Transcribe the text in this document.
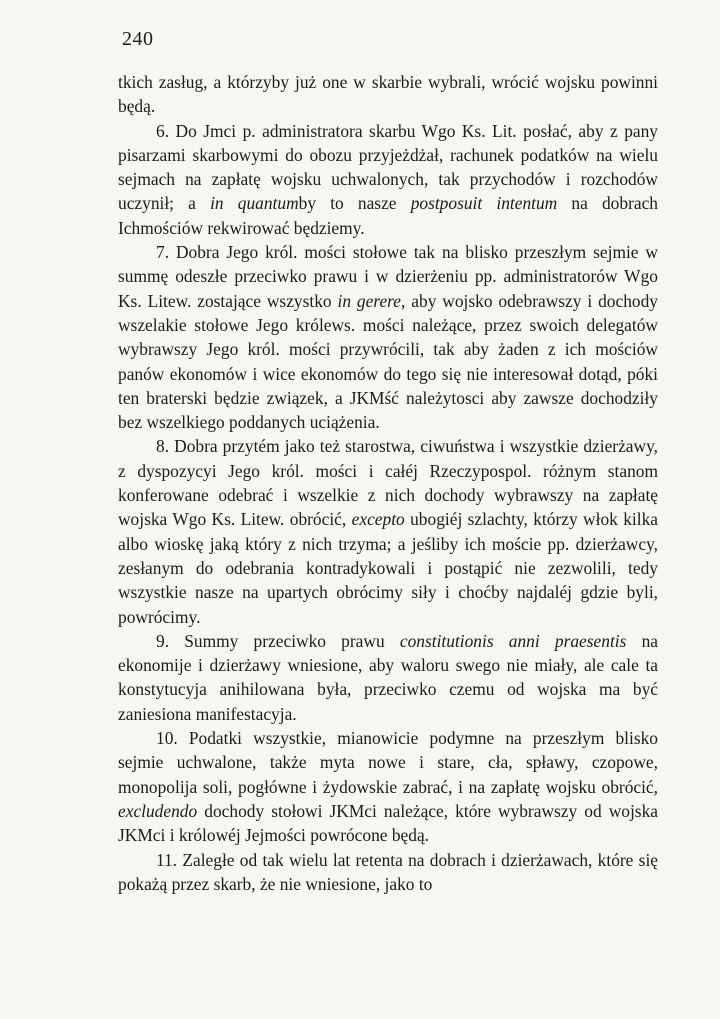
240

tkich zasług, a którzyby już one w skarbie wybrali, wrócić wojsku powinni będą.

6. Do Jmci p. administratora skarbu Wgo Ks. Lit. posłać, aby z pany pisarzami skarbowymi do obozu przyjeżdżał, rachunek podatków na wielu sejmach na zapłatę wojsku uchwalonych, tak przychodów i rozchodów uczynił; a in quantumby to nasze postposuit intentum na dobrach Ichmościów rekwirować będziemy.

7. Dobra Jego król. mości stołowe tak na blisko przeszłym sejmie w summę odeszłe przeciwko prawu i w dzierżeniu pp. administratorów Wgo Ks. Litew. zostające wszystko in gerere, aby wojsko odebrawszy i dochody wszelakie stołowe Jego królews. mości należące, przez swoich delegatów wybrawszy Jego król. mości przywrócili, tak aby żaden z ich mościów panów ekonomów i wice ekonomów do tego się nie interesował dotąd, póki ten braterski będzie związek, a JKMść należytosci aby zawsze dochodziły bez wszelkiego poddanych uciążenia.

8. Dobra przytém jako też starostwa, ciwuństwa i wszystkie dzierżawy, z dyspozycyi Jego król. mości i całéj Rzeczypospol. różnym stanom konferowane odebrać i wszelkie z nich dochody wybrawszy na zapłatę wojska Wgo Ks. Litew. obrócić, excepto ubogiéj szlachty, którzy włok kilka albo wioskę jaką który z nich trzyma; a jeśliby ich moście pp. dzierżawcy, zesłanym do odebrania kontradykowali i postąpić nie zezwolili, tedy wszystkie nasze na upartych obrócimy siły i choćby najdaléj gdzie byli, powrócimy.

9. Summy przeciwko prawu constitutionis anni praesentis na ekonomije i dzierżawy wniesione, aby waloru swego nie miały, ale cale ta konstytucyja anihilowana była, przeciwko czemu od wojska ma być zaniesiona manifestacyja.

10. Podatki wszystkie, mianowicie podymne na przeszłym blisko sejmie uchwalone, także myta nowe i stare, cła, spławy, czopowe, monopolija soli, pogłówne i żydowskie zabrać, i na zapłatę wojsku obrócić, excludendo dochody stołowi JKMci należące, które wybrawszy od wojska JKMci i królowéj Jejmości powrócone będą.

11. Zaległe od tak wielu lat retenta na dobrach i dzierżawach, które się pokażą przez skarb, że nie wniesione, jako to
